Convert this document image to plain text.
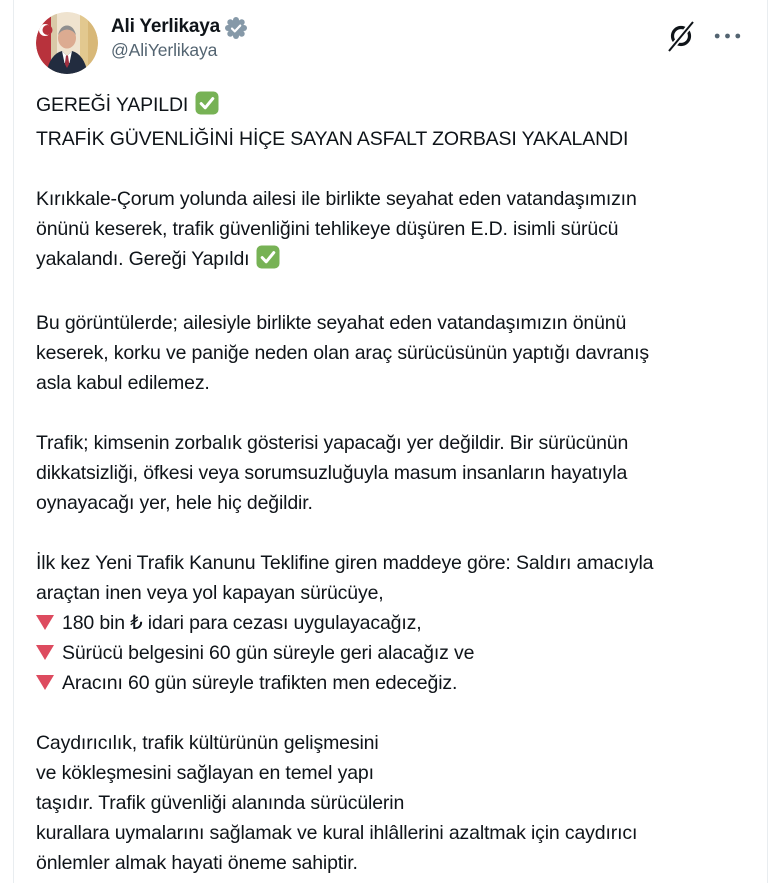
Ali Yerlikaya
@AliYerlikaya
GEREĞİ YAPILDI
TRAFİK GÜVENLİĞİNİ HİÇE SAYAN ASFALT ZORBASI YAKALANDI
Kırıkkale-Çorum yolunda ailesi ile birlikte seyahat eden vatandaşımızın
önünü keserek, trafik güvenliğini tehlikeye düşüren E.D. isimli sürücü
yakalandı. Gereği Yapıldı
Bu görüntülerde; ailesiyle birlikte seyahat eden vatandaşımızın önünü
keserek, korku ve paniğe neden olan araç sürücüsünün yaptığı davranış
asla kabul edilemez.
Trafik; kimsenin zorbalık gösterisi yapacağı yer değildir. Bir sürücünün
dikkatsizliği, öfkesi veya sorumsuzluğuyla masum insanların hayatıyla
oynayacağı yer, hele hiç değildir.
İlk kez Yeni Trafik Kanunu Teklifine giren maddeye göre: Saldırı amacıyla
araçtan inen veya yol kapayan sürücüye,
180 bin ₺ idari para cezası uygulayacağız,
Sürücü belgesini 60 gün süreyle geri alacağız ve
Aracını 60 gün süreyle trafikten men edeceğiz.
Caydırıcılık, trafik kültürünün gelişmesini
ve kökleşmesini sağlayan en temel yapı
taşıdır. Trafik güvenliği alanında sürücülerin
kurallara uymalarını sağlamak ve kural ihlâllerini azaltmak için caydırıcı
önlemler almak hayati öneme sahiptir.
